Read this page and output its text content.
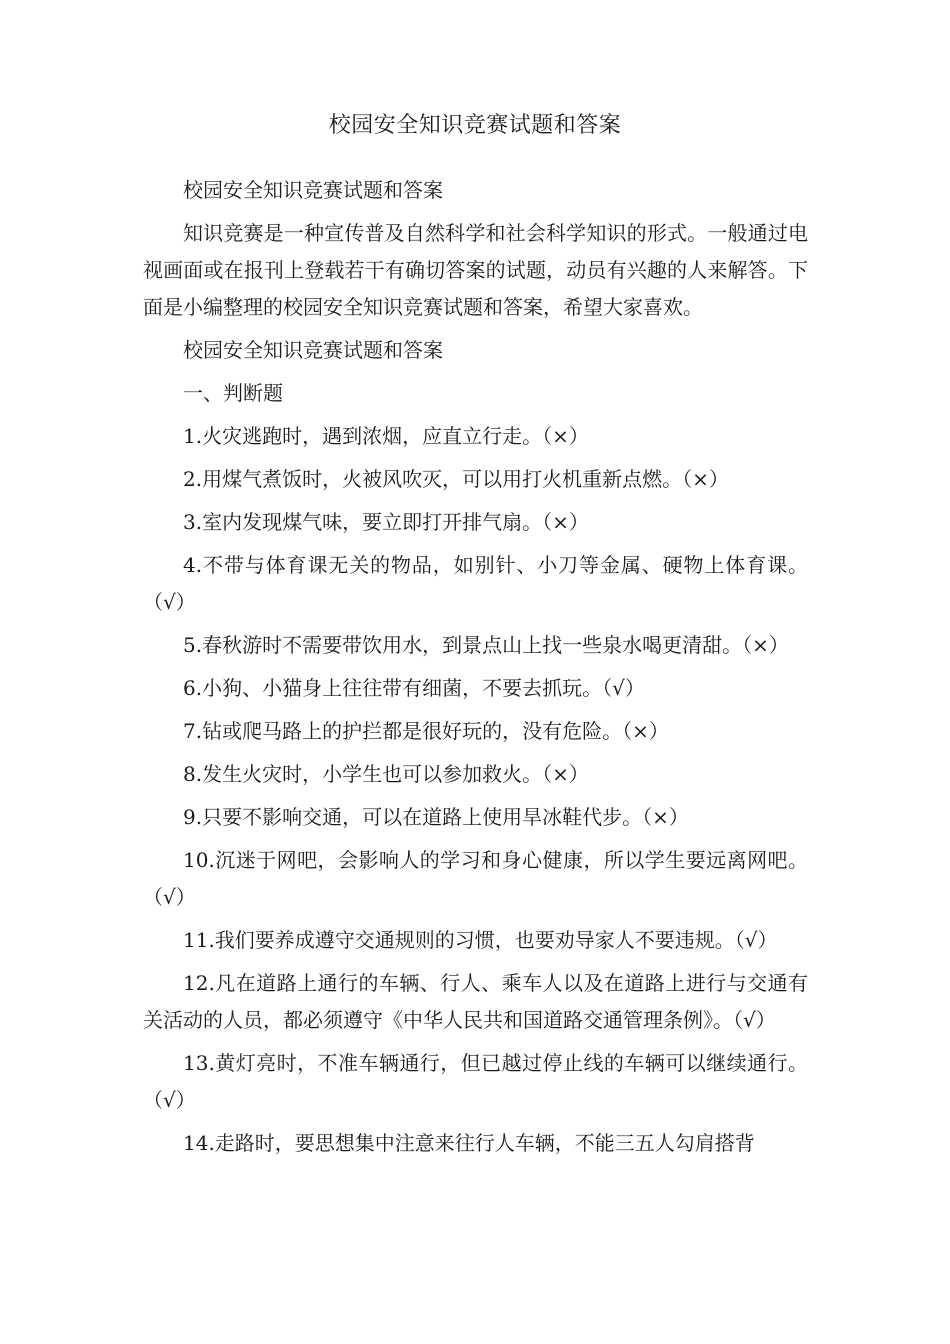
校园安全知识竞赛试题和答案

校园安全知识竞赛试题和答案

知识竞赛是一种宣传普及自然科学和社会科学知识的形式。一般通过电视画面或在报刊上登载若干有确切答案的试题，动员有兴趣的人来解答。下面是小编整理的校园安全知识竞赛试题和答案，希望大家喜欢。

校园安全知识竞赛试题和答案

一、判断题

1.火灾逃跑时，遇到浓烟，应直立行走。（×）

2.用煤气煮饭时，火被风吹灭，可以用打火机重新点燃。（×）

3.室内发现煤气味，要立即打开排气扇。（×）

4.不带与体育课无关的物品，如别针、小刀等金属、硬物上体育课。（√）

5.春秋游时不需要带饮用水，到景点山上找一些泉水喝更清甜。（×）

6.小狗、小猫身上往往带有细菌，不要去抓玩。（√）

7.钻或爬马路上的护拦都是很好玩的，没有危险。（×）

8.发生火灾时，小学生也可以参加救火。（×）

9.只要不影响交通，可以在道路上使用旱冰鞋代步。（×）

10.沉迷于网吧，会影响人的学习和身心健康，所以学生要远离网吧。（√）

11.我们要养成遵守交通规则的习惯，也要劝导家人不要违规。（√）

12.凡在道路上通行的车辆、行人、乘车人以及在道路上进行与交通有关活动的人员，都必须遵守《中华人民共和国道路交通管理条例》。（√）

13.黄灯亮时，不准车辆通行，但已越过停止线的车辆可以继续通行。（√）

14.走路时，要思想集中注意来往行人车辆，不能三五人勾肩搭背
